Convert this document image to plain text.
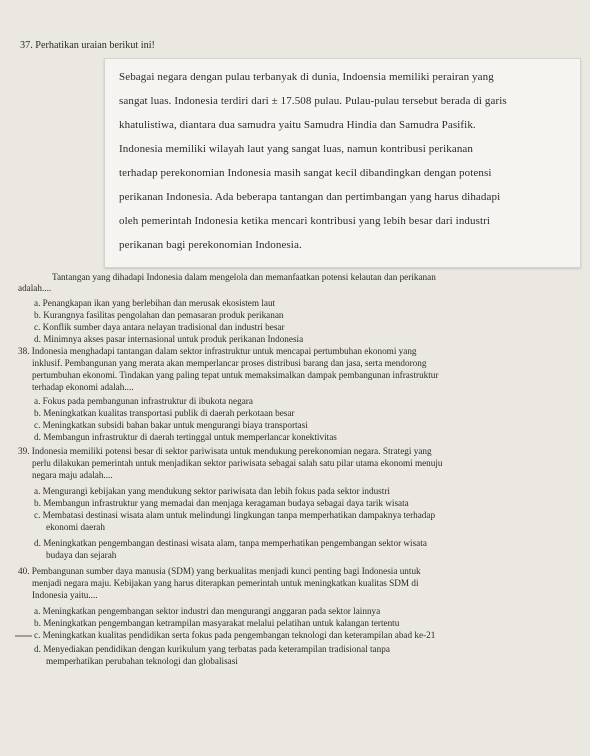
37. Perhatikan uraian berikut ini!
Sebagai negara dengan pulau terbanyak di dunia, Indoensia memiliki perairan yang
sangat luas. Indonesia terdiri dari ± 17.508 pulau. Pulau-pulau tersebut berada di garis
khatulistiwa, diantara dua samudra yaitu Samudra Hindia dan Samudra Pasifik.
Indonesia memiliki wilayah laut yang sangat luas, namun kontribusi perikanan
terhadap perekonomian Indonesia masih sangat kecil dibandingkan dengan potensi
perikanan Indonesia. Ada beberapa tantangan dan pertimbangan yang harus dihadapi
oleh pemerintah Indonesia ketika mencari kontribusi yang lebih besar dari industri
perikanan bagi perekonomian Indonesia.
Tantangan yang dihadapi Indonesia dalam mengelola dan memanfaatkan potensi kelautan dan perikanan
adalah....
a. Penangkapan ikan yang berlebihan dan merusak ekosistem laut
b. Kurangnya fasilitas pengolahan dan pemasaran produk perikanan
c. Konflik sumber daya antara nelayan tradisional dan industri besar
d. Minimnya akses pasar internasional untuk produk perikanan Indonesia
38. Indonesia menghadapi tantangan dalam sektor infrastruktur untuk mencapai pertumbuhan ekonomi yang
inklusif. Pembangunan yang merata akan memperlancar proses distribusi barang dan jasa, serta mendorong
pertumbuhan ekonomi. Tindakan yang paling tepat untuk memaksimalkan dampak pembangunan infrastruktur
terhadap ekonomi adalah....
a. Fokus pada pembangunan infrastruktur di ibukota negara
b. Meningkatkan kualitas transportasi publik di daerah perkotaan besar
c. Meningkatkan subsidi bahan bakar untuk mengurangi biaya transportasi
d. Membangun infrastruktur di daerah tertinggal untuk memperlancar konektivitas
39. Indonesia memiliki potensi besar di sektor pariwisata untuk mendukung perekonomian negara. Strategi yang
perlu dilakukan pemerintah untuk menjadikan sektor pariwisata sebagai salah satu pilar utama ekonomi menuju
negara maju adalah....
a. Mengurangi kebijakan yang mendukung sektor pariwisata dan lebih fokus pada sektor industri
b. Membangun infrastruktur yang memadai dan menjaga keragaman budaya sebagai daya tarik wisata
c. Membatasi destinasi wisata alam untuk melindungi lingkungan tanpa memperhatikan dampaknya terhadap
ekonomi daerah
d. Meningkatkan pengembangan destinasi wisata alam, tanpa memperhatikan pengembangan sektor wisata
budaya dan sejarah
40. Pembangunan sumber daya manusia (SDM) yang berkualitas menjadi kunci penting bagi Indonesia untuk
menjadi negara maju. Kebijakan yang harus diterapkan pemerintah untuk meningkatkan kualitas SDM di
Indonesia yaitu....
a. Meningkatkan pengembangan sektor industri dan mengurangi anggaran pada sektor lainnya
b. Meningkatkan pengembangan ketrampilan masyarakat melalui pelatihan untuk kalangan tertentu
c. Meningkatkan kualitas pendidikan serta fokus pada pengembangan teknologi dan keterampilan abad ke-21
d. Menyediakan pendidikan dengan kurikulum yang terbatas pada keterampilan tradisional tanpa
memperhatikan perubahan teknologi dan globalisasi
